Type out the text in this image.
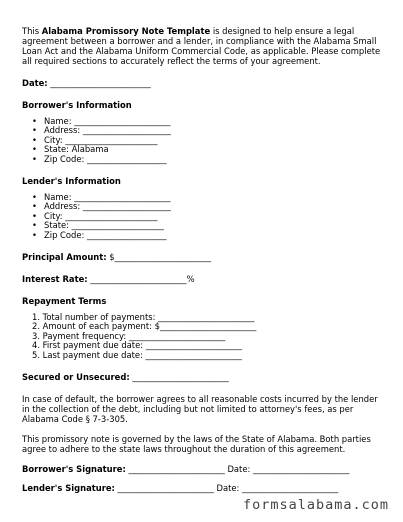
This Alabama Promissory Note Template is designed to help ensure a legal agreement between a borrower and a lender, in compliance with the Alabama Small Loan Act and the Alabama Uniform Commercial Code, as applicable. Please complete all required sections to accurately reflect the terms of your agreement.

Date: ________________________

Borrower's Information
• Name: _______________________
• Address: _____________________
• City: ______________________
• State: Alabama
• Zip Code: ___________________
Lender's Information
• Name: _______________________
• Address: _____________________
• City: ______________________
• State: ______________________
• Zip Code: ___________________

Principal Amount: $_______________________

Interest Rate: _______________________%

Repayment Terms
1. Total number of payments: _______________________
2. Amount of each payment: $_______________________
3. Payment frequency: _______________________
4. First payment due date: _______________________
5. Last payment due date: _______________________

Secured or Unsecured: _______________________

In case of default, the borrower agrees to all reasonable costs incurred by the lender in the collection of the debt, including but not limited to attorney's fees, as per Alabama Code § 7-3-305.

This promissory note is governed by the laws of the State of Alabama. Both parties agree to adhere to the state laws throughout the duration of this agreement.

Borrower's Signature: _______________________ Date: _______________________

Lender's Signature: _______________________ Date: _______________________

formsalabama.com
